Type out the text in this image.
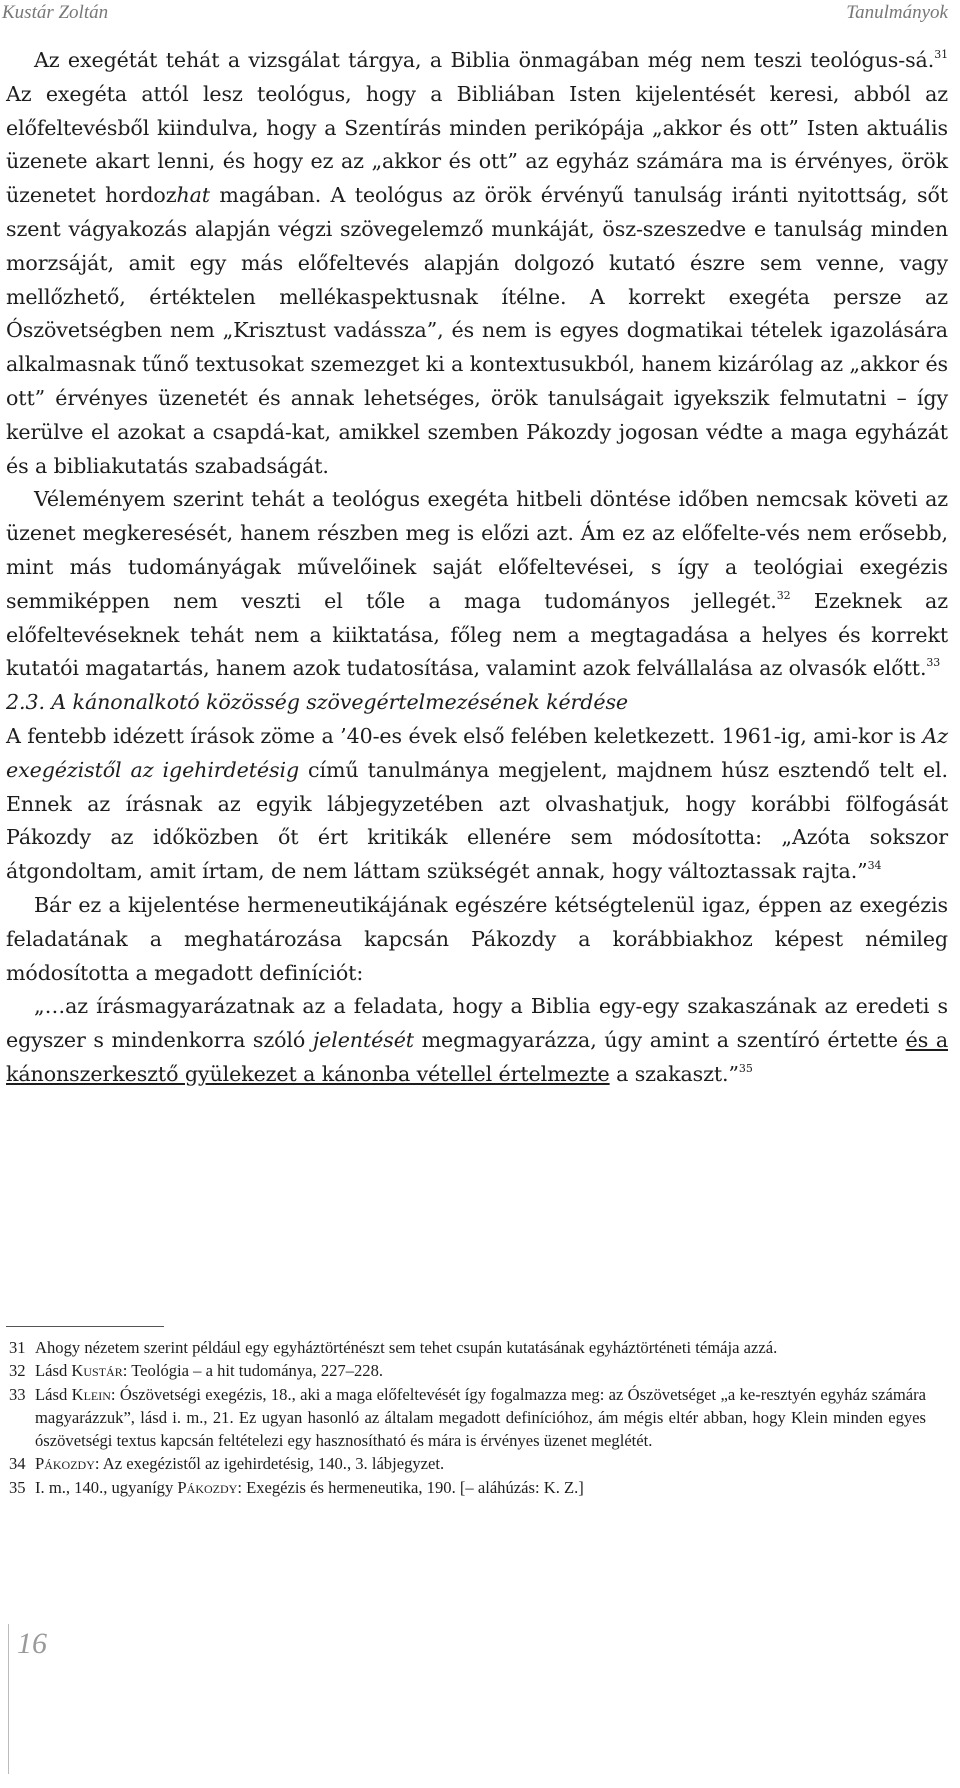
Kustár Zoltán	Tanulmányok

Az exegétát tehát a vizsgálat tárgya, a Biblia önmagában még nem teszi teológus-sá.$^{31}$ Az exegéta attól lesz teológus, hogy a Bibliában Isten kijelentését keresi, abból az előfeltevésből kiindulva, hogy a Szentírás minden perikópája „akkor és ott” Isten aktuális üzenete akart lenni, és hogy ez az „akkor és ott” az egyház számára ma is érvényes, örök üzenetet hordozhat magában. A teológus az örök érvényű tanulság iránti nyitottság, sőt szent vágyakozás alapján végzi szövegelemző munkáját, ösz-szeszedve e tanulság minden morzsáját, amit egy más előfeltevés alapján dolgozó kutató észre sem venne, vagy mellőzhető, értéktelen mellékaspektusnak ítélne. A korrekt exegéta persze az Ószövetségben nem „Krisztust vadássza”, és nem is egyes dogmatikai tételek igazolására alkalmasnak tűnő textusokat szemezget ki a kontextusukból, hanem kizárólag az „akkor és ott” érvényes üzenetét és annak lehetséges, örök tanulságait igyekszik felmutatni – így kerülve el azokat a csapdá-kat, amikkel szemben Pákozdy jogosan védte a maga egyházát és a bibliakutatás szabadságát.

Véleményem szerint tehát a teológus exegéta hitbeli döntése időben nemcsak követi az üzenet megkeresését, hanem részben meg is előzi azt. Ám ez az előfelte-vés nem erősebb, mint más tudományágak művelőinek saját előfeltevései, s így a teológiai exegézis semmiképpen nem veszti el tőle a maga tudományos jellegét.$^{32}$ Ezeknek az előfeltevéseknek tehát nem a kiiktatása, főleg nem a megtagadása a helyes és korrekt kutatói magatartás, hanem azok tudatosítása, valamint azok felvállalása az olvasók előtt.$^{33}$

2.3. A kánonalkotó közösség szövegértelmezésének kérdése

A fentebb idézett írások zöme a ’40-es évek első felében keletkezett. 1961-ig, ami-kor is Az exegézistől az igehirdetésig című tanulmánya megjelent, majdnem húsz esztendő telt el. Ennek az írásnak az egyik lábjegyzetében azt olvashatjuk, hogy korábbi fölfogását Pákozdy az időközben őt ért kritikák ellenére sem módosította: „Azóta sokszor átgondoltam, amit írtam, de nem láttam szükségét annak, hogy változtassak rajta.”$^{34}$

Bár ez a kijelentése hermeneutikájának egészére kétségtelenül igaz, éppen az exegézis feladatának a meghatározása kapcsán Pákozdy a korábbiakhoz képest némileg módosította a megadott definíciót:

„…az írásmagyarázatnak az a feladata, hogy a Biblia egy-egy szakaszának az eredeti s egyszer s mindenkorra szóló jelentését megmagyarázza, úgy amint a szentíró értette és a kánonszerkesztő gyülekezet a kánonba vétellel értelmezte a szakaszt.”$^{35}$

31 Ahogy nézetem szerint például egy egyháztörténészt sem tehet csupán kutatásának egyháztörténeti témája azzá.

32 Lásd Kustár: Teológia – a hit tudománya, 227–228.

33 Lásd Klein: Ószövetségi exegézis, 18., aki a maga előfeltevését így fogalmazza meg: az Ószövetséget „a ke-resztyén egyház számára magyarázzuk”, lásd i. m., 21. Ez ugyan hasonló az általam megadott definícióhoz, ám mégis eltér abban, hogy Klein minden egyes ószövetségi textus kapcsán feltételezi egy hasznosítható és mára is érvényes üzenet meglétét.

34 Pákozdy: Az exegézistől az igehirdetésig, 140., 3. lábjegyzet.

35 I. m., 140., ugyanígy Pákozdy: Exegézis és hermeneutika, 190. [– aláhúzás: K. Z.]

16
